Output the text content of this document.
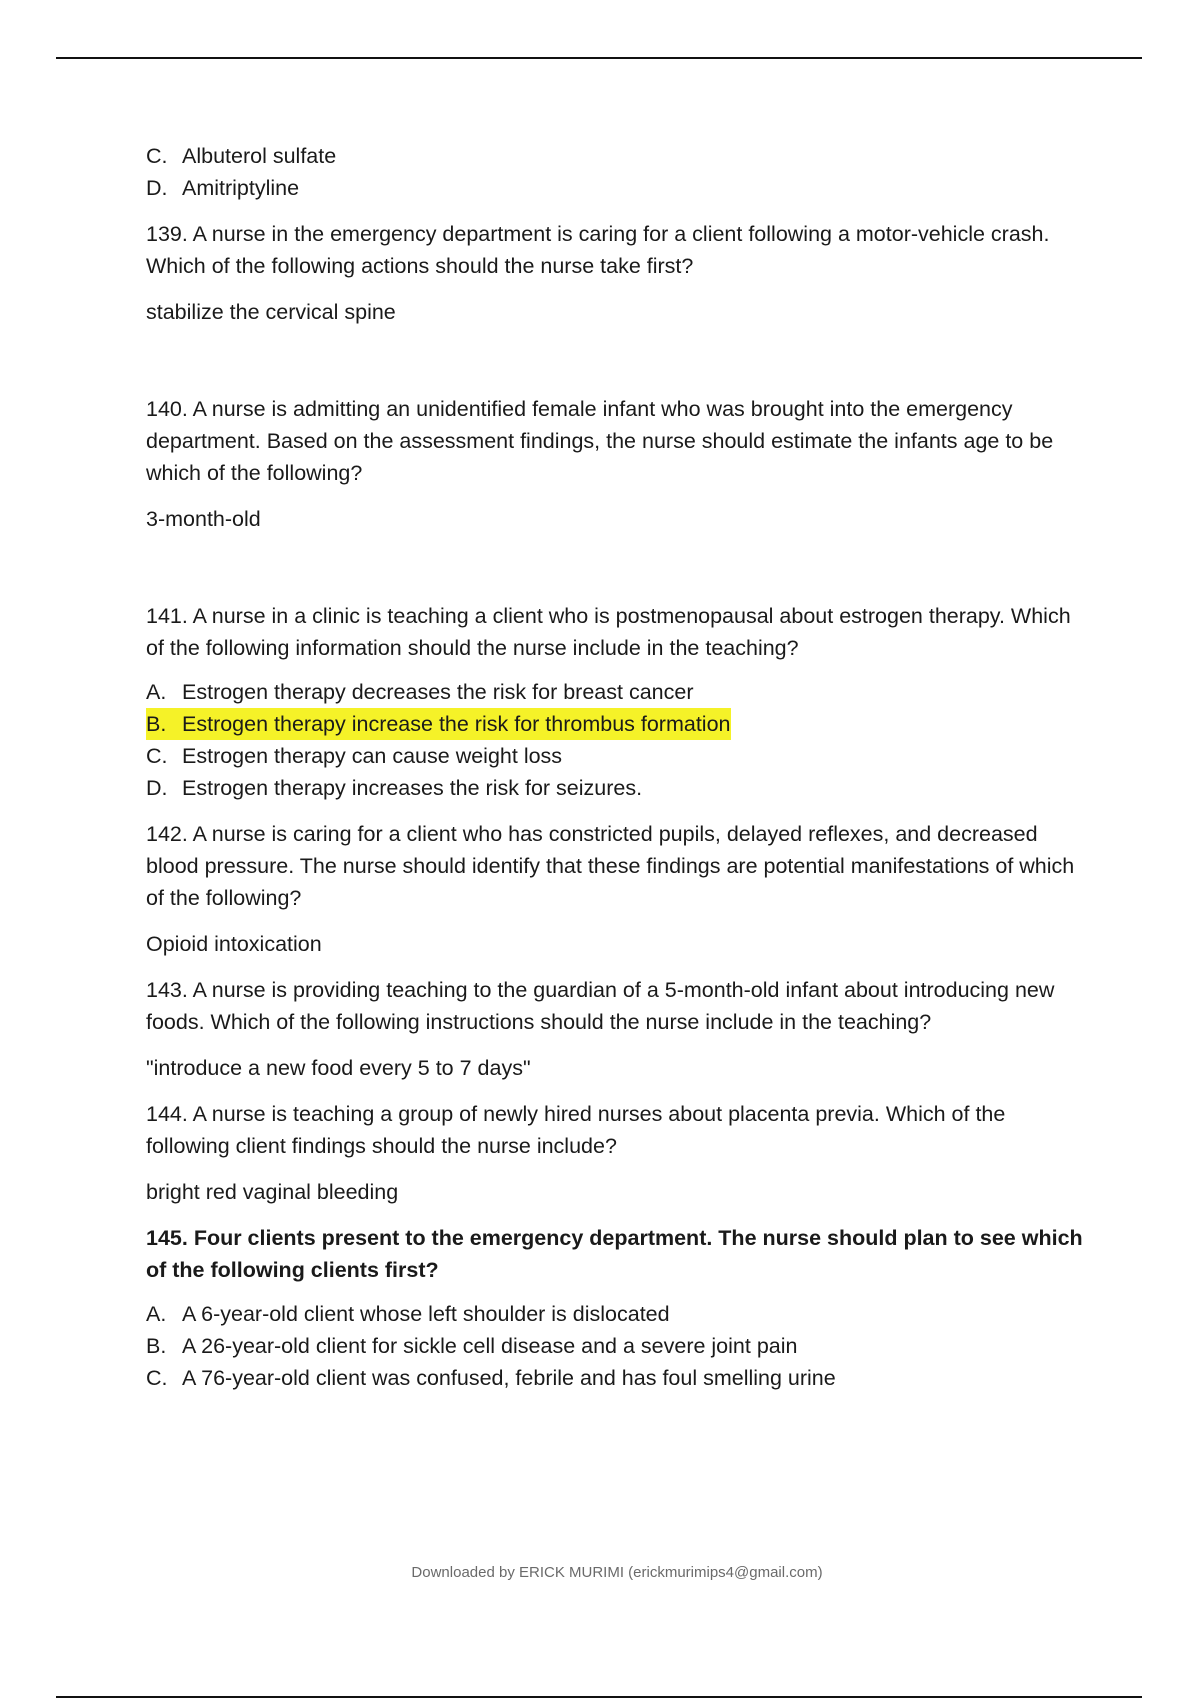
C. Albuterol sulfate
D. Amitriptyline

139. A nurse in the emergency department is caring for a client following a motor-vehicle crash. Which of the following actions should the nurse take first?

stabilize the cervical spine

140. A nurse is admitting an unidentified female infant who was brought into the emergency department. Based on the assessment findings, the nurse should estimate the infants age to be which of the following?

3-month-old

141. A nurse in a clinic is teaching a client who is postmenopausal about estrogen therapy. Which of the following information should the nurse include in the teaching?

A. Estrogen therapy decreases the risk for breast cancer
B. Estrogen therapy increase the risk for thrombus formation
C. Estrogen therapy can cause weight loss
D. Estrogen therapy increases the risk for seizures.

142. A nurse is caring for a client who has constricted pupils, delayed reflexes, and decreased blood pressure. The nurse should identify that these findings are potential manifestations of which of the following?

Opioid intoxication

143. A nurse is providing teaching to the guardian of a 5-month-old infant about introducing new foods. Which of the following instructions should the nurse include in the teaching?

"introduce a new food every 5 to 7 days"

144. A nurse is teaching a group of newly hired nurses about placenta previa. Which of the following client findings should the nurse include?

bright red vaginal bleeding

145. Four clients present to the emergency department. The nurse should plan to see which of the following clients first?

A. A 6-year-old client whose left shoulder is dislocated
B. A 26-year-old client for sickle cell disease and a severe joint pain
C. A 76-year-old client was confused, febrile and has foul smelling urine
Downloaded by ERICK MURIMI (erickmurimips4@gmail.com)
